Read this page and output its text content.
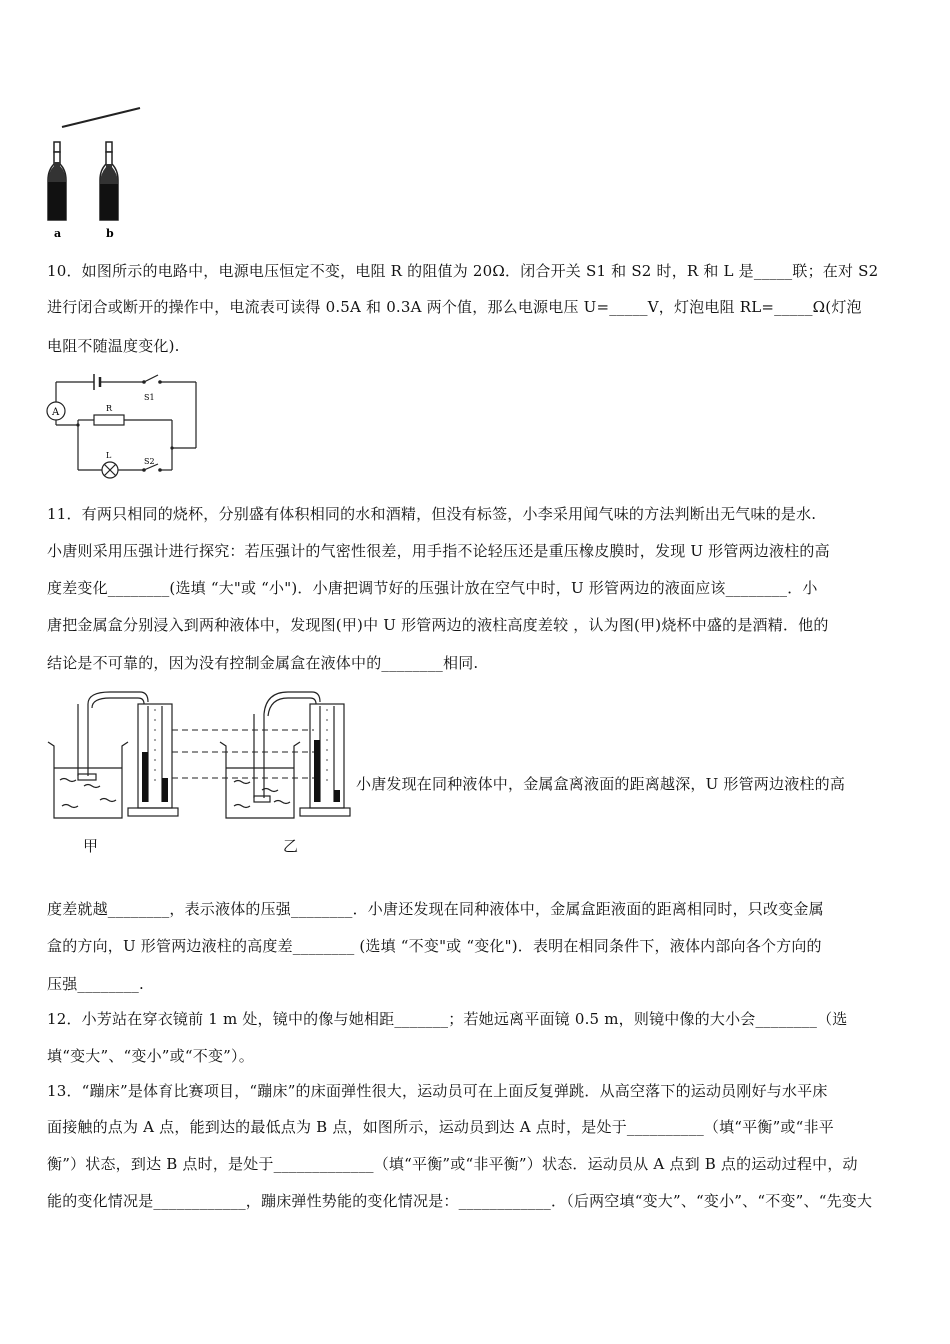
a	b
10．如图所示的电路中，电源电压恒定不变，电阻 R 的阻值为 20Ω．闭合开关 S1 和 S2 时，R 和 L 是_____联；在对 S2
进行闭合或断开的操作中，电流表可读得 0.5A 和 0.3A 两个值，那么电源电压 U=_____V，灯泡电阻 RL=_____Ω(灯泡
电阻不随温度变化).
A	R
L
S1
S2
11．有两只相同的烧杯，分别盛有体积相同的水和酒精，但没有标签，小李采用闻气味的方法判断出无气味的是水.
小唐则采用压强计进行探究：若压强计的气密性很差，用手指不论轻压还是重压橡皮膜时，发现 U 形管两边液柱的高
度差变化________(选填 “大"或 “小")．小唐把调节好的压强计放在空气中时，U 形管两边的液面应该________．小
唐把金属盒分别浸入到两种液体中，发现图(甲)中 U 形管两边的液柱高度差较 ，认为图(甲)烧杯中盛的是酒精．他的
结论是不可靠的，因为没有控制金属盒在液体中的________相同.
甲	乙
小唐发现在同种液体中，金属盒离液面的距离越深，U 形管两边液柱的高
度差就越________，表示液体的压强________．小唐还发现在同种液体中，金属盒距液面的距离相同时，只改变金属
盒的方向，U 形管两边液柱的高度差________ (选填 “不变"或 “变化")．表明在相同条件下，液体内部向各个方向的
压强________.
12．小芳站在穿衣镜前 1 m 处，镜中的像与她相距_______；若她远离平面镜 0.5 m，则镜中像的大小会________（选
填“变大”、“变小”或“不变”）。
13．“蹦床”是体育比赛项目，“蹦床”的床面弹性很大，运动员可在上面反复弹跳．从高空落下的运动员刚好与水平床
面接触的点为 A 点，能到达的最低点为 B 点，如图所示，运动员到达 A 点时，是处于__________（填“平衡”或“非平
衡”）状态，到达 B 点时，是处于_____________（填“平衡”或“非平衡”）状态．运动员从 A 点到 B 点的运动过程中，动
能的变化情况是____________，蹦床弹性势能的变化情况是：____________．（后两空填“变大”、“变小”、“不变”、“先变大
